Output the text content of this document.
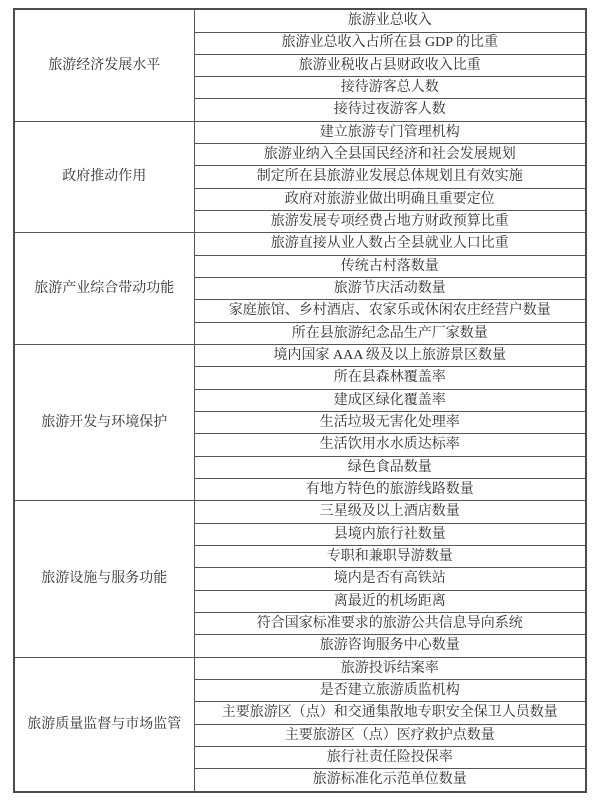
旅游经济发展水平	旅游业总收入
	旅游业总收入占所在县 GDP 的比重
	旅游业税收占县财政收入比重
	接待游客总人数
	接待过夜游客人数
政府推动作用	建立旅游专门管理机构
	旅游业纳入全县国民经济和社会发展规划
	制定所在县旅游业发展总体规划且有效实施
	政府对旅游业做出明确且重要定位
	旅游发展专项经费占地方财政预算比重
旅游产业综合带动功能	旅游直接从业人数占全县就业人口比重
	传统古村落数量
	旅游节庆活动数量
	家庭旅馆、乡村酒店、农家乐或休闲农庄经营户数量
	所在县旅游纪念品生产厂家数量
旅游开发与环境保护	境内国家 AAA 级及以上旅游景区数量
	所在县森林覆盖率
	建成区绿化覆盖率
	生活垃圾无害化处理率
	生活饮用水水质达标率
	绿色食品数量
	有地方特色的旅游线路数量
旅游设施与服务功能	三星级及以上酒店数量
	县境内旅行社数量
	专职和兼职导游数量
	境内是否有高铁站
	离最近的机场距离
	符合国家标准要求的旅游公共信息导向系统
	旅游咨询服务中心数量
旅游质量监督与市场监管	旅游投诉结案率
	是否建立旅游质监机构
	主要旅游区（点）和交通集散地专职安全保卫人员数量
	主要旅游区（点）医疗救护点数量
	旅行社责任险投保率
	旅游标准化示范单位数量
